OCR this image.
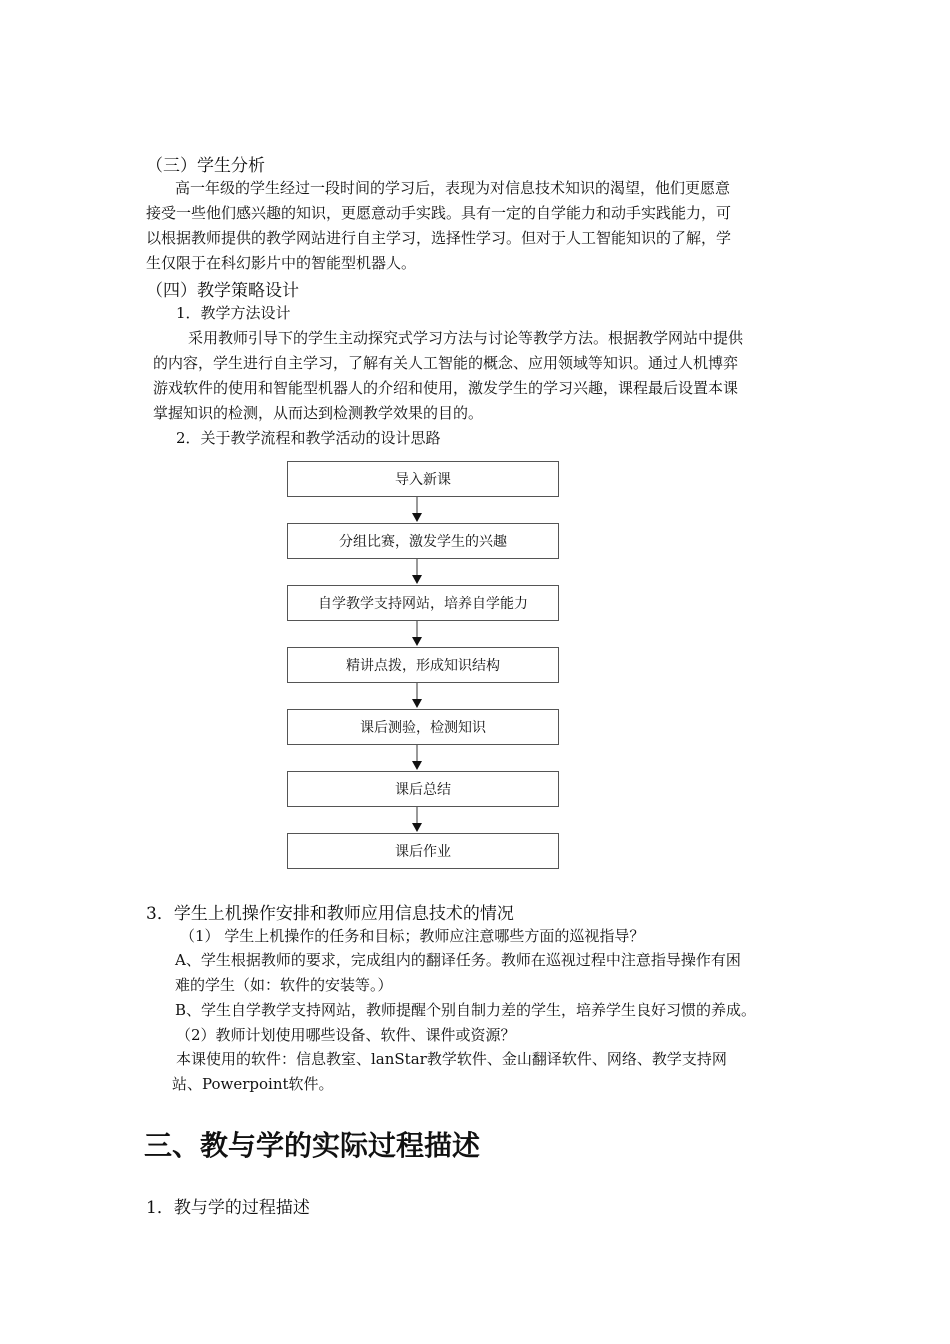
（三）学生分析
高一年级的学生经过一段时间的学习后，表现为对信息技术知识的渴望，他们更愿意
接受一些他们感兴趣的知识，更愿意动手实践。具有一定的自学能力和动手实践能力，可
以根据教师提供的教学网站进行自主学习，选择性学习。但对于人工智能知识的了解，学
生仅限于在科幻影片中的智能型机器人。
（四）教学策略设计
1．教学方法设计
采用教师引导下的学生主动探究式学习方法与讨论等教学方法。根据教学网站中提供
的内容，学生进行自主学习，了解有关人工智能的概念、应用领域等知识。通过人机博弈
游戏软件的使用和智能型机器人的介绍和使用，激发学生的学习兴趣，课程最后设置本课
掌握知识的检测，从而达到检测教学效果的目的。
2．关于教学流程和教学活动的设计思路
导入新课
分组比赛，激发学生的兴趣
自学教学支持网站，培养自学能力
精讲点拨，形成知识结构
课后测验，检测知识
课后总结
课后作业
3．学生上机操作安排和教师应用信息技术的情况
（1） 学生上机操作的任务和目标；教师应注意哪些方面的巡视指导？
A、学生根据教师的要求，完成组内的翻译任务。教师在巡视过程中注意指导操作有困
难的学生（如：软件的安装等。）
B、学生自学教学支持网站，教师提醒个别自制力差的学生，培养学生良好习惯的养成。
（2）教师计划使用哪些设备、软件、课件或资源？
本课使用的软件：信息教室、lanStar教学软件、金山翻译软件、网络、教学支持网
站、Powerpoint软件。
三、教与学的实际过程描述
1．教与学的过程描述
